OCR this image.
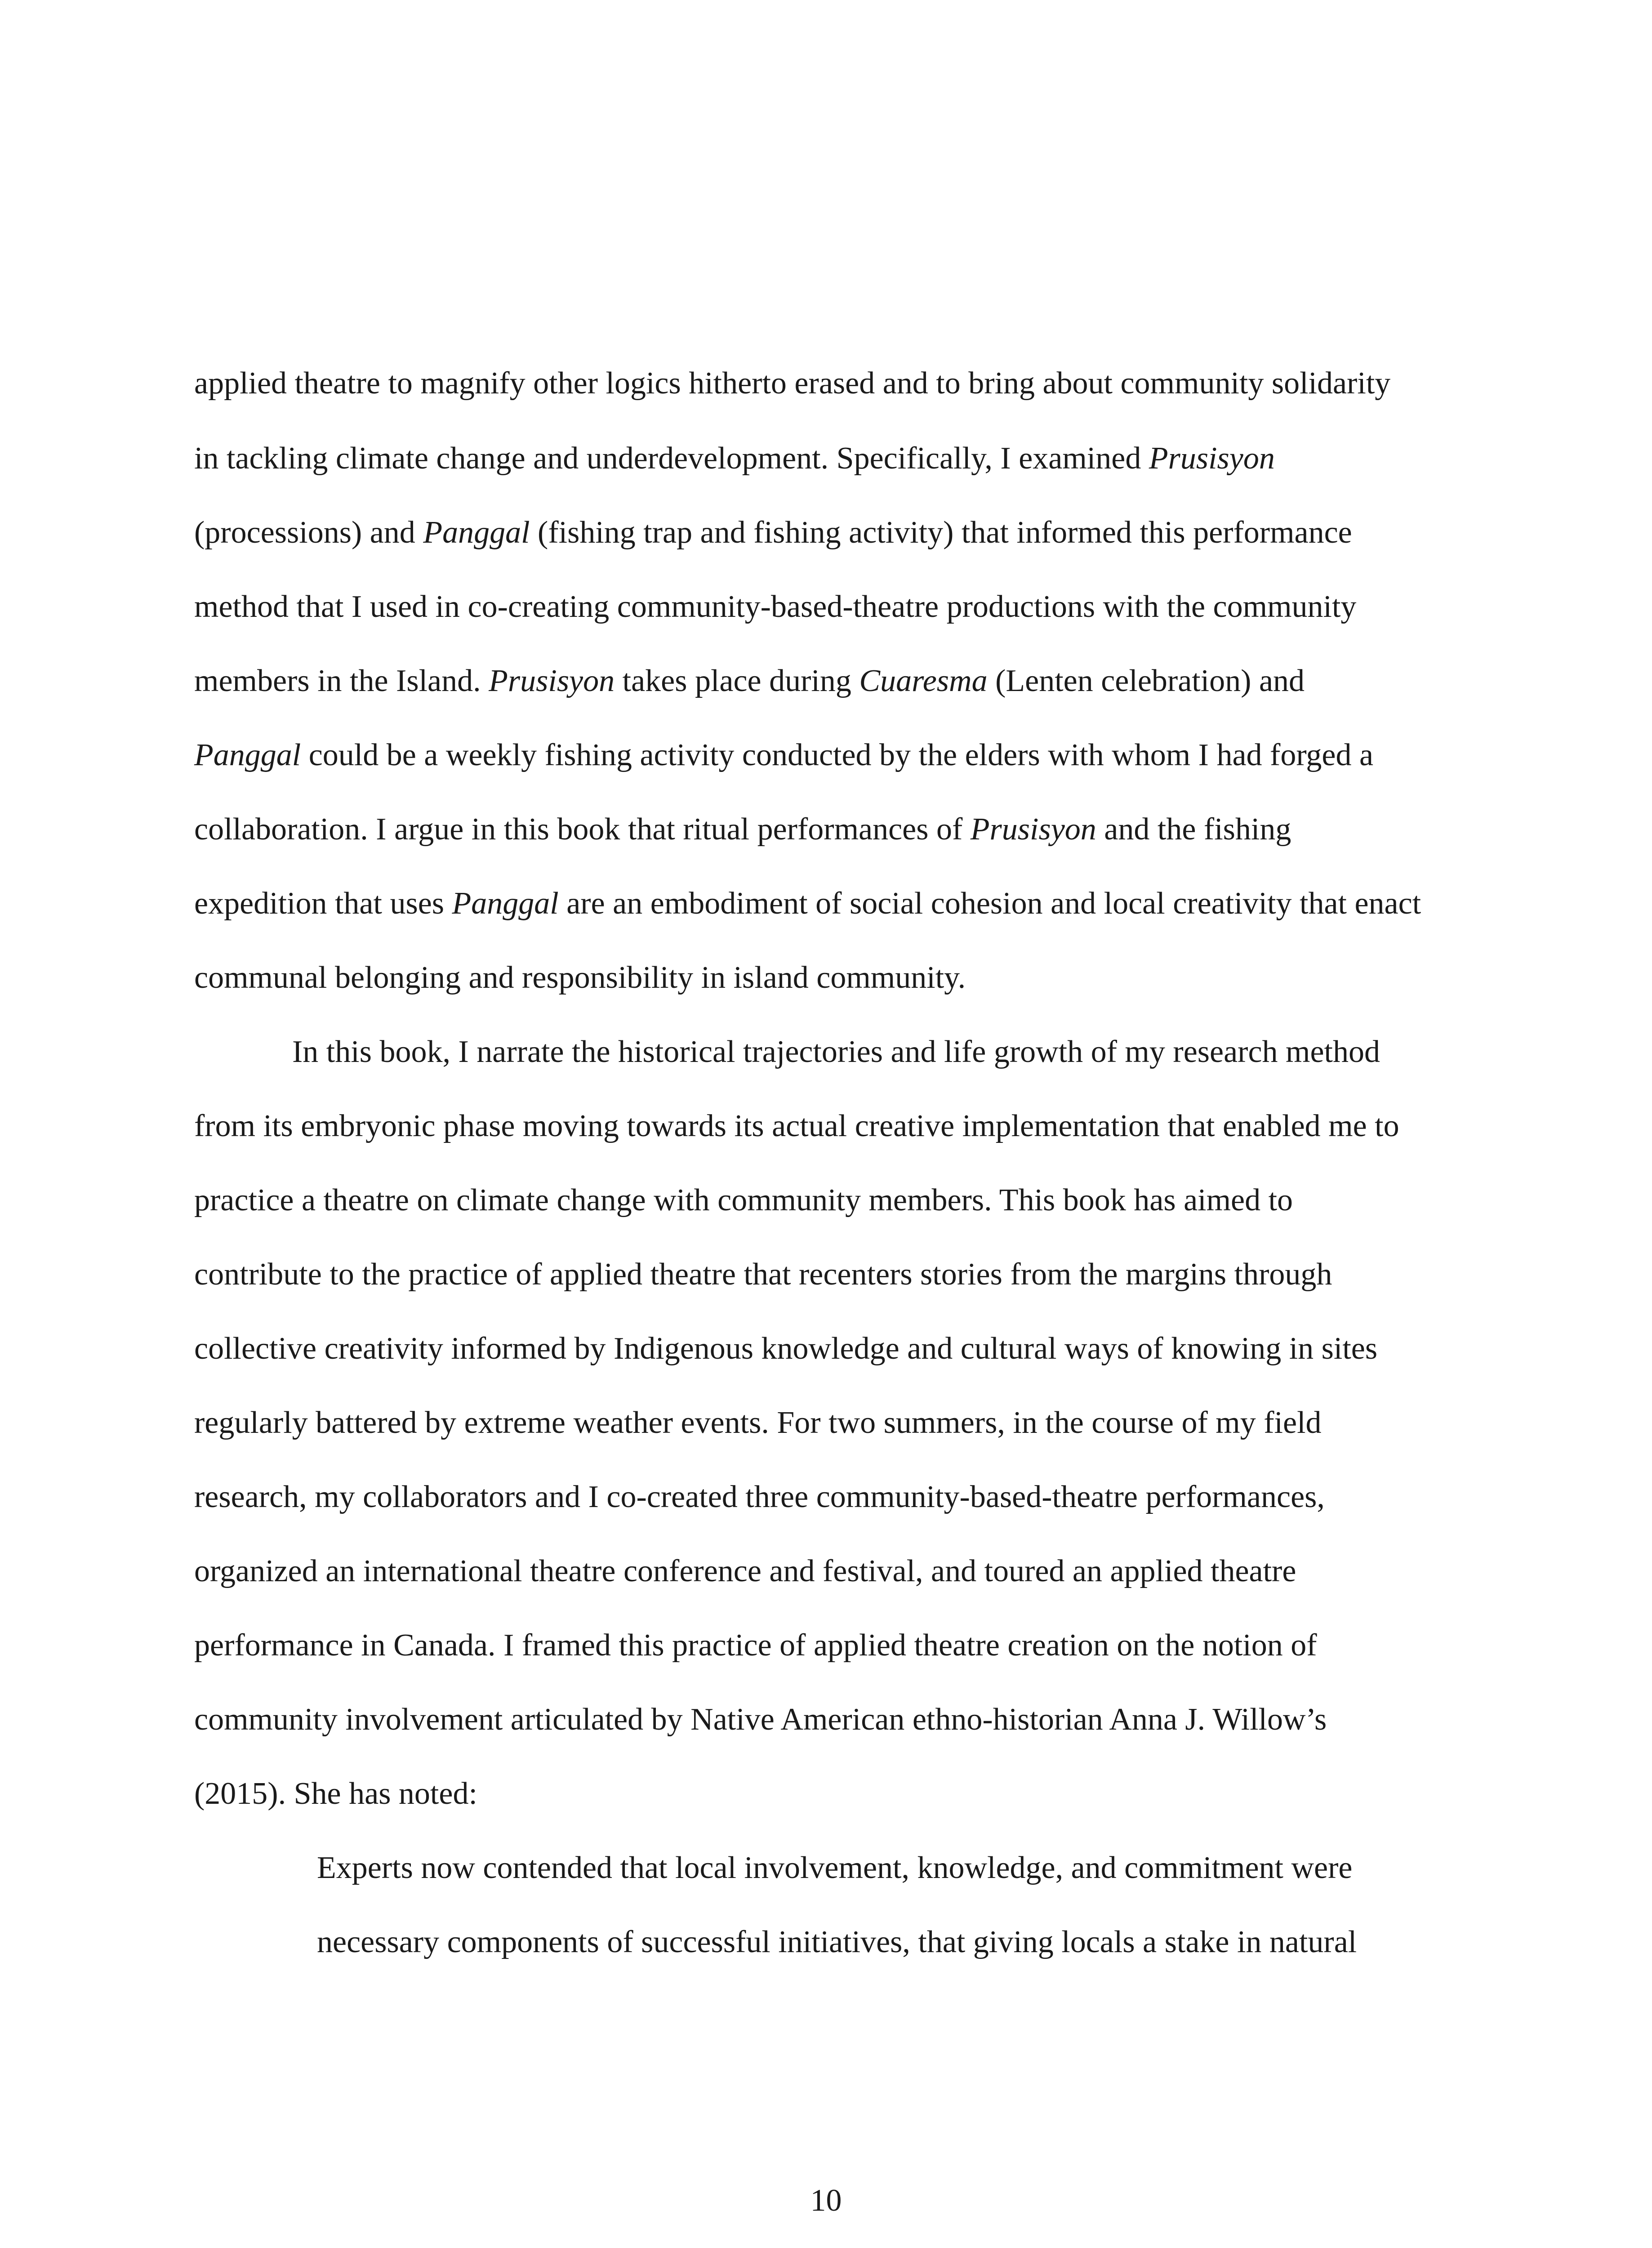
applied theatre to magnify other logics hitherto erased and to bring about community solidarity

in tackling climate change and underdevelopment. Specifically, I examined Prusisyon

(processions) and Panggal (fishing trap and fishing activity) that informed this performance

method that I used in co-creating community-based-theatre productions with the community

members in the Island. Prusisyon takes place during Cuaresma (Lenten celebration) and

Panggal could be a weekly fishing activity conducted by the elders with whom I had forged a

collaboration. I argue in this book that ritual performances of Prusisyon and the fishing

expedition that uses Panggal are an embodiment of social cohesion and local creativity that enact

communal belonging and responsibility in island community.

In this book, I narrate the historical trajectories and life growth of my research method

from its embryonic phase moving towards its actual creative implementation that enabled me to

practice a theatre on climate change with community members. This book has aimed to

contribute to the practice of applied theatre that recenters stories from the margins through

collective creativity informed by Indigenous knowledge and cultural ways of knowing in sites

regularly battered by extreme weather events. For two summers, in the course of my field

research, my collaborators and I co-created three community-based-theatre performances,

organized an international theatre conference and festival, and toured an applied theatre

performance in Canada. I framed this practice of applied theatre creation on the notion of

community involvement articulated by Native American ethno-historian Anna J. Willow’s

(2015). She has noted:

Experts now contended that local involvement, knowledge, and commitment were

necessary components of successful initiatives, that giving locals a stake in natural

10
